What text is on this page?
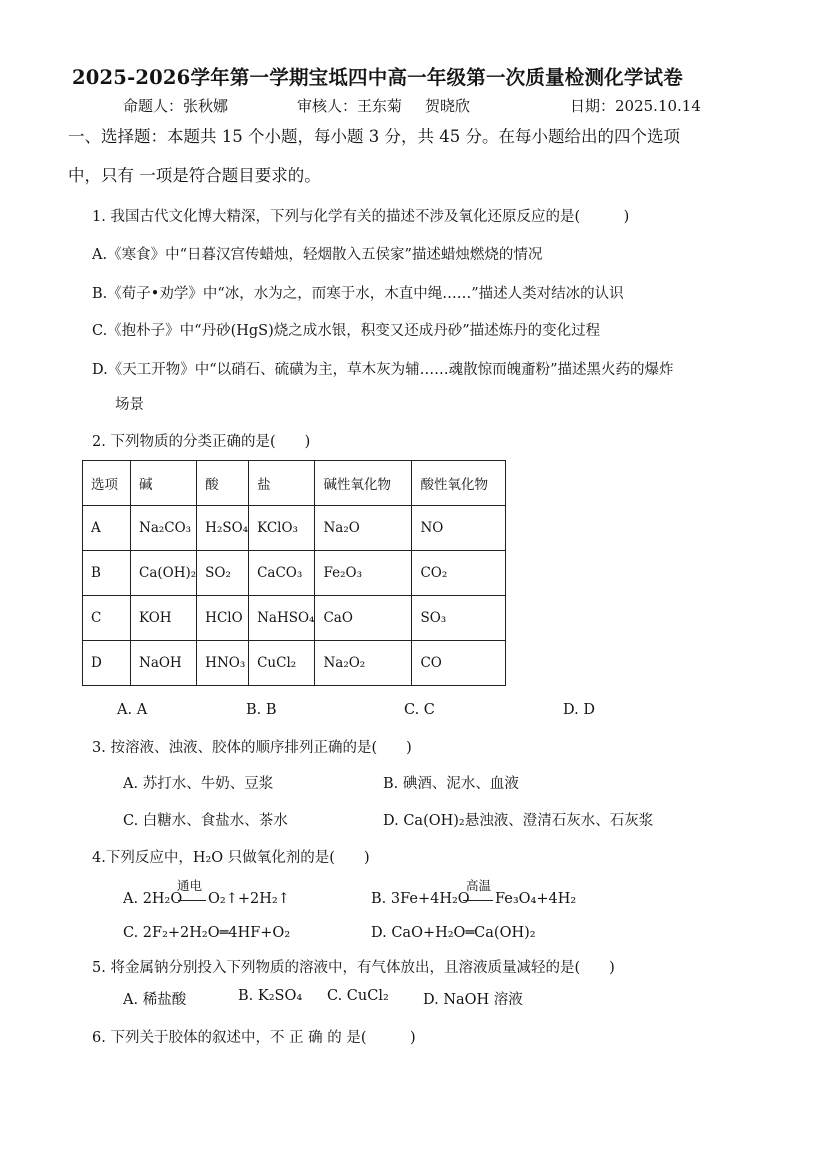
2025-2026学年第一学期宝坻四中高一年级第一次质量检测化学试卷
命题人：张秋娜	审核人：王东菊 贺晓欣	日期：2025.10.14
一、选择题：本题共 15 个小题，每小题 3 分，共 45 分。在每小题给出的四个选项
中，只有 一项是符合题目要求的。
1. 我国古代文化博大精深，下列与化学有关的描述不涉及氧化还原反应的是(　　　)
A.《寒食》中“日暮汉宫传蜡烛，轻烟散入五侯家”描述蜡烛燃烧的情况
B.《荀子•劝学》中“冰，水为之，而寒于水，木直中绳……”描述人类对结冰的认识
C.《抱朴子》中“丹砂(HgS)烧之成水银，积变又还成丹砂”描述炼丹的变化过程
D.《天工开物》中“以硝石、硫磺为主，草木灰为辅……魂散惊而魄齑粉”描述黑火药的爆炸
场景
2. 下列物质的分类正确的是(　　)
选项	碱	酸	盐	碱性氧化物	酸性氧化物
A	Na₂CO₃	H₂SO₄	KClO₃	Na₂O	NO
B	Ca(OH)₂	SO₂	CaCO₃	Fe₂O₃	CO₂
C	KOH	HClO	NaHSO₄	CaO	SO₃
D	NaOH	HNO₃	CuCl₂	Na₂O₂	CO
A. A	B. B	C. C	D. D
3. 按溶液、浊液、胶体的顺序排列正确的是(　　)
A. 苏打水、牛奶、豆浆	B. 碘酒、泥水、血液
C. 白糖水、食盐水、茶水	D. Ca(OH)₂悬浊液、澄清石灰水、石灰浆
4.下列反应中，H₂O 只做氧化剂的是(　　)
通电
A. 2H₂O O₂↑+2H₂↑
高温
B. 3Fe+4H₂O Fe₃O₄+4H₂
C. 2F₂+2H₂O═4HF+O₂	D. CaO+H₂O═Ca(OH)₂
5. 将金属钠分别投入下列物质的溶液中，有气体放出，且溶液质量减轻的是(　　)
A. 稀盐酸	B. K₂SO₄ C. CuCl₂ D. NaOH 溶液
6. 下列关于胶体的叙述中，不 正 确 的 是(　　　)
